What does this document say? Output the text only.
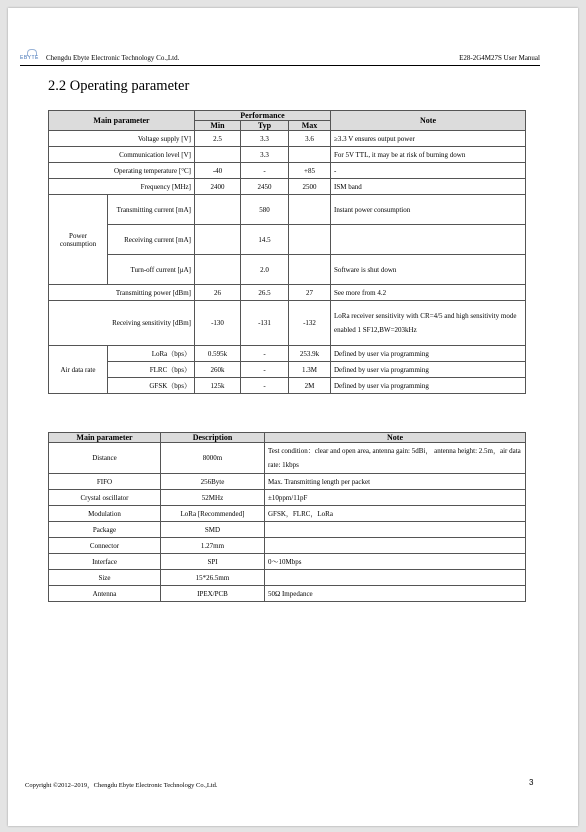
EBYTE Chengdu Ebyte Electronic Technology Co.,Ltd.	E28-2G4M27S User Manual
2.2 Operating parameter
Main parameter		Performance			Note
		Min	Typ	Max	
Voltage supply [V]		2.5	3.3	3.6	≥3.3 V ensures output power
Communication level [V]			3.3		For 5V TTL, it may be at risk of burning down
Operating temperature [°C]		-40	-	+85	-
Frequency [MHz]		2400	2450	2500	ISM band
Power consumption	Transmitting current [mA]		580		Instant power consumption
	Receiving current [mA]		14.5		
	Turn-off current [μA]		2.0		Software is shut down
Transmitting power [dBm]		26	26.5	27	See more from 4.2
Receiving sensitivity [dBm]		-130	-131	-132	LoRa receiver sensitivity with CR=4/5 and high sensitivity mode enabled 1 SF12,BW=203kHz
Air data rate	LoRa（bps）	0.595k	-	253.9k	Defined by user via programming
	FLRC（bps）	260k	-	1.3M	Defined by user via programming
	GFSK（bps）	125k	-	2M	Defined by user via programming
Main parameter	Description	Note
Distance	8000m	Test condition：clear and open area, antenna gain: 5dBi， antenna height: 2.5m，air data rate: 1kbps
FIFO	256Byte	Max. Transmitting length per packet
Crystal oscillator	52MHz	±10ppm/11pF
Modulation	LoRa [Recommended]	GFSK，FLRC，LoRa
Package	SMD	
Connector	1.27mm	
Interface	SPI	0～10Mbps
Size	15*26.5mm	
Antenna	IPEX/PCB	50Ω Impedance
Copyright ©2012–2019，Chengdu Ebyte Electronic Technology Co.,Ltd.	3
